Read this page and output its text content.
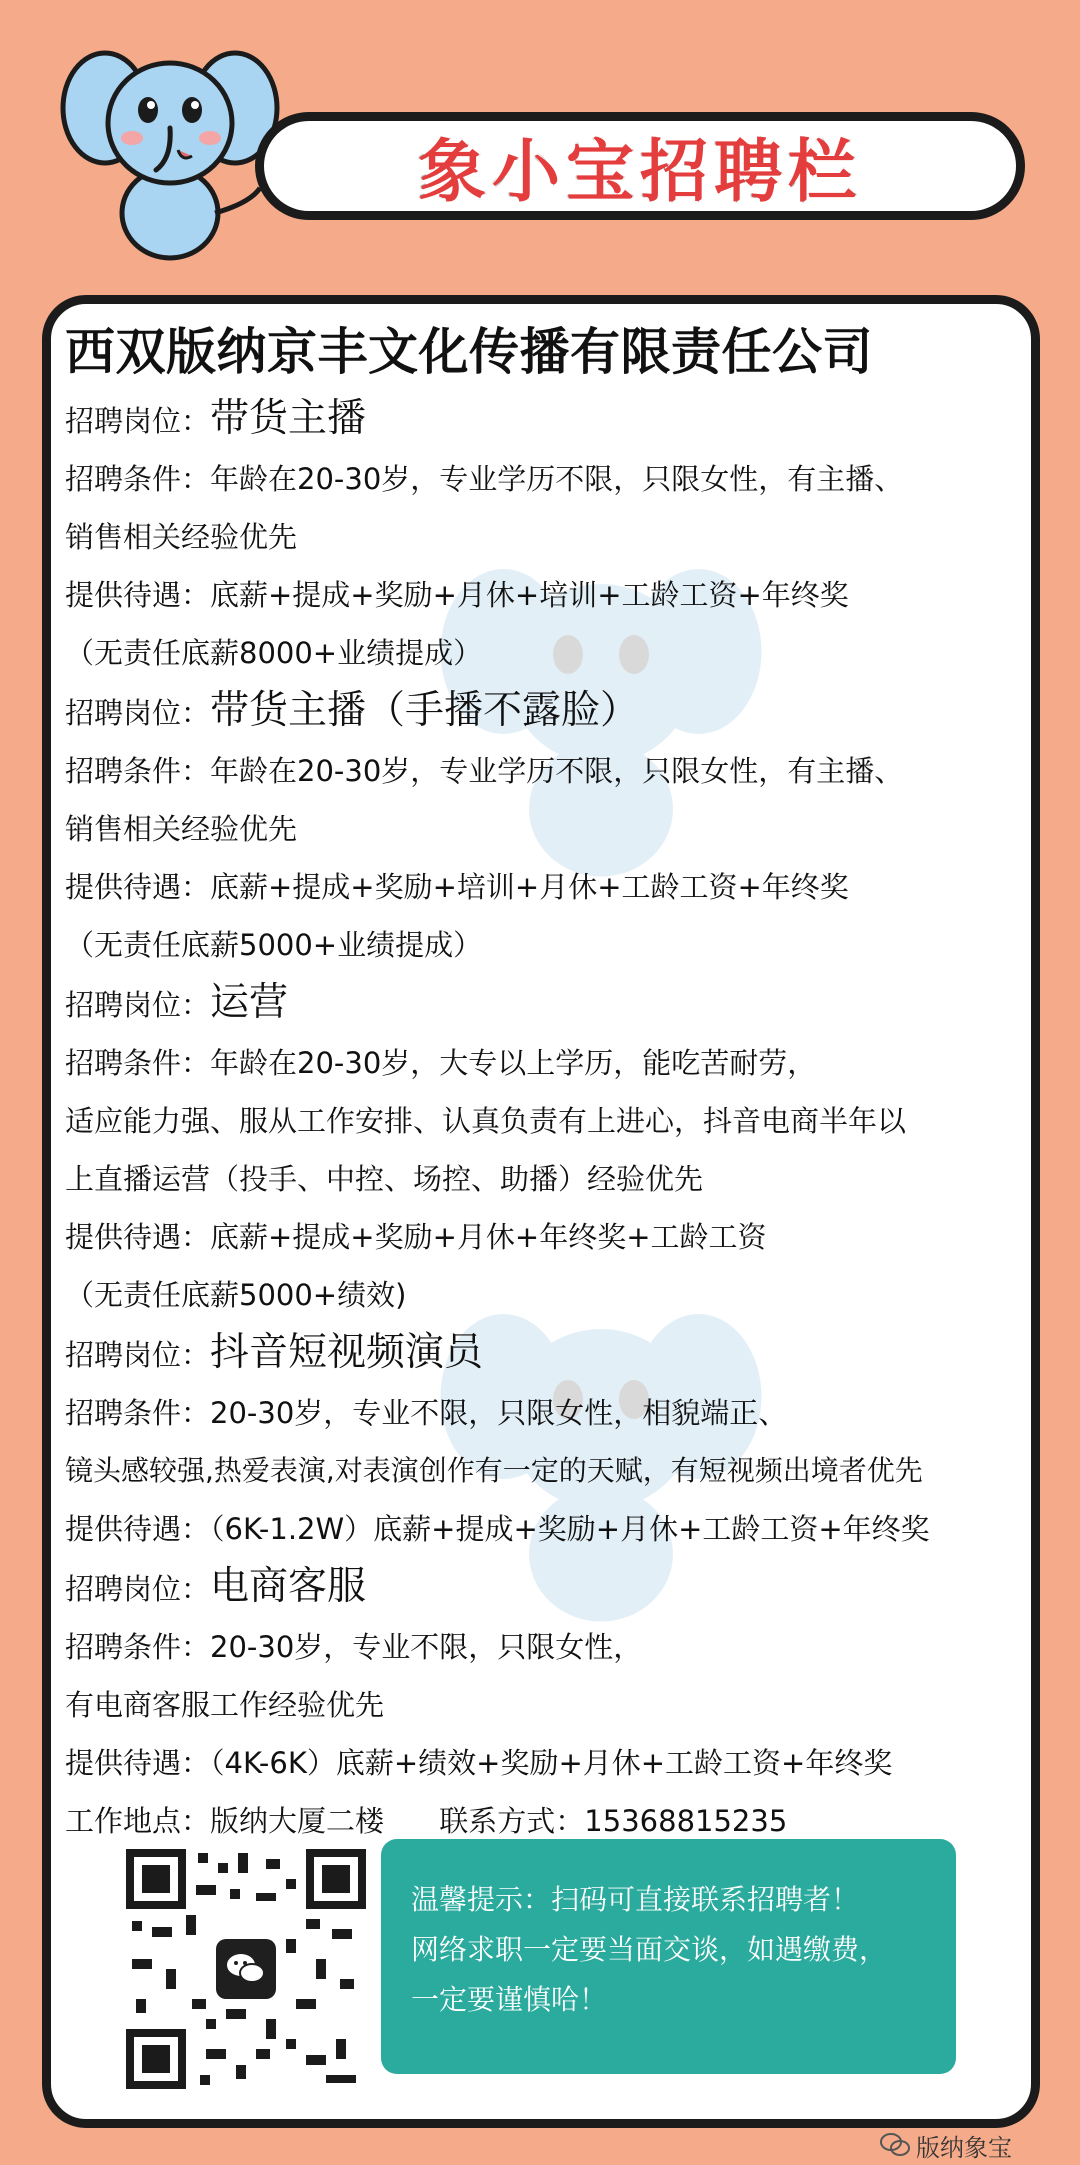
象小宝招聘栏
西双版纳京丰文化传播有限责任公司
招聘岗位：带货主播
招聘条件：年龄在20-30岁，专业学历不限，只限女性，有主播、
销售相关经验优先
提供待遇：底薪+提成+奖励+月休+培训+工龄工资+年终奖
（无责任底薪8000+业绩提成）
招聘岗位：带货主播（手播不露脸）
招聘条件：年龄在20-30岁，专业学历不限，只限女性，有主播、
销售相关经验优先
提供待遇：底薪+提成+奖励+培训+月休+工龄工资+年终奖
（无责任底薪5000+业绩提成）
招聘岗位：运营
招聘条件：年龄在20-30岁，大专以上学历，能吃苦耐劳，
适应能力强、服从工作安排、认真负责有上进心，抖音电商半年以
上直播运营（投手、中控、场控、助播）经验优先
提供待遇：底薪+提成+奖励+月休+年终奖+工龄工资
（无责任底薪5000+绩效)
招聘岗位：抖音短视频演员
招聘条件：20-30岁，专业不限，只限女性，相貌端正、
镜头感较强,热爱表演,对表演创作有一定的天赋，有短视频出境者优先
提供待遇：（6K-1.2W）底薪+提成+奖励+月休+工龄工资+年终奖
招聘岗位：电商客服
招聘条件：20-30岁，专业不限，只限女性，
有电商客服工作经验优先
提供待遇：（4K-6K）底薪+绩效+奖励+月休+工龄工资+年终奖
工作地点：版纳大厦二楼      联系方式：15368815235
温馨提示：扫码可直接联系招聘者！
网络求职一定要当面交谈，如遇缴费，
一定要谨慎哈！
版纳象宝
